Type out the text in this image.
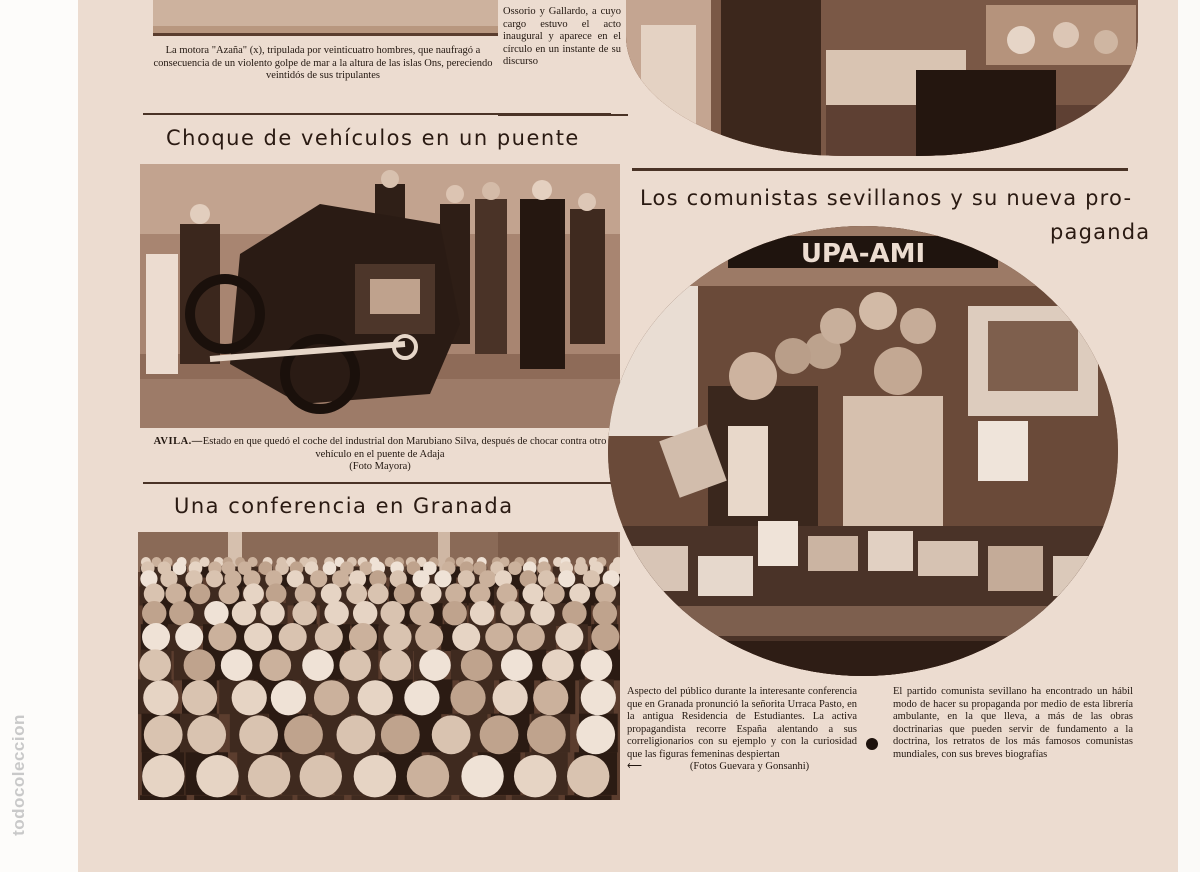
todocoleccion
La motora "Azaña" (x), tripulada por veinticuatro hombres, que naufragó a consecuencia de un violento golpe de mar a la altura de las islas Ons, pereciendo veintidós de sus tripulantes
Ossorio y Gallardo, a cuyo cargo estuvo el acto inaugural y aparece en el círculo en un instante de su discurso
Choque de vehículos en un puente
AVILA.—Estado en que quedó el coche del industrial don Marubiano Silva, después de chocar contra otro vehículo en el puente de Adaja
(Foto Mayora)
Una conferencia en Granada
Aspecto del público durante la interesante conferencia que en Granada pronunció la señorita Urraca Pasto, en la antigua Residencia de Estudiantes. La activa propagandista recorre España alentando a sus correligionarios con su ejemplo y con la curiosidad que las figuras femeninas despiertan
⟵	(Fotos Guevara y Gonsanhi)
Los comunistas sevillanos y su nueva pro-
paganda
UPA-AMI
El partido comunista sevillano ha encontrado un hábil modo de hacer su propaganda por medio de esta librería ambulante, en la que lleva, a más de las obras doctrinarias que pueden servir de fundamento a la doctrina, los retratos de los más famosos comunistas mundiales, con sus breves biografías
